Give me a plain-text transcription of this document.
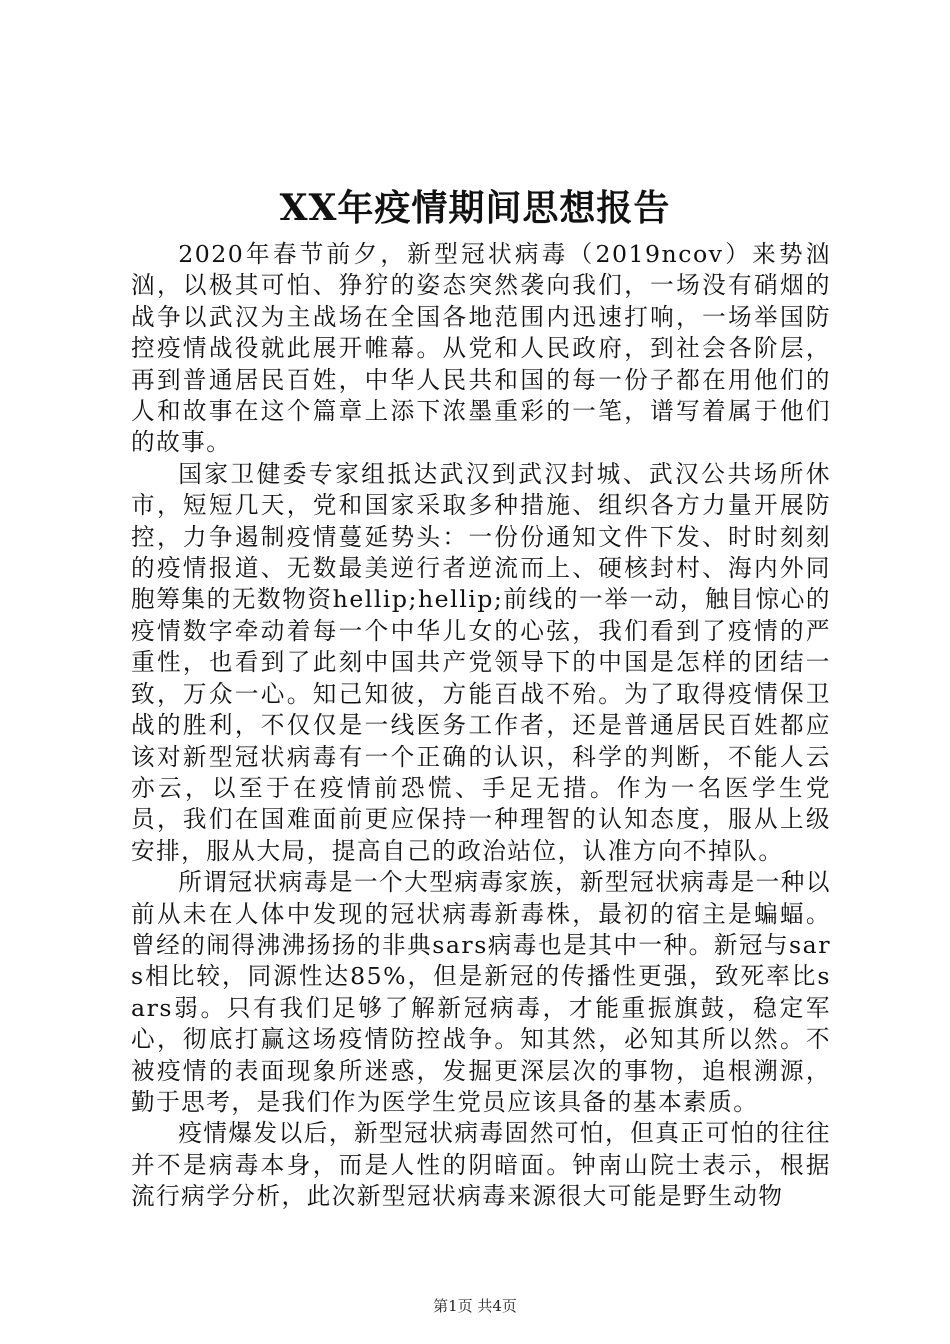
XX年疫情期间思想报告

2020年春节前夕，新型冠状病毒（2019ncov）来势汹汹，以极其可怕、狰狞的姿态突然袭向我们，一场没有硝烟的战争以武汉为主战场在全国各地范围内迅速打响，一场举国防控疫情战役就此展开帷幕。从党和人民政府，到社会各阶层，再到普通居民百姓，中华人民共和国的每一份子都在用他们的人和故事在这个篇章上添下浓墨重彩的一笔，谱写着属于他们的故事。

国家卫健委专家组抵达武汉到武汉封城、武汉公共场所休市，短短几天，党和国家采取多种措施、组织各方力量开展防控，力争遏制疫情蔓延势头：一份份通知文件下发、时时刻刻的疫情报道、无数最美逆行者逆流而上、硬核封村、海内外同胞筹集的无数物资hellip;hellip;前线的一举一动，触目惊心的疫情数字牵动着每一个中华儿女的心弦，我们看到了疫情的严重性，也看到了此刻中国共产党领导下的中国是怎样的团结一致，万众一心。知己知彼，方能百战不殆。为了取得疫情保卫战的胜利，不仅仅是一线医务工作者，还是普通居民百姓都应该对新型冠状病毒有一个正确的认识，科学的判断，不能人云亦云，以至于在疫情前恐慌、手足无措。作为一名医学生党员，我们在国难面前更应保持一种理智的认知态度，服从上级安排，服从大局，提高自己的政治站位，认准方向不掉队。

所谓冠状病毒是一个大型病毒家族，新型冠状病毒是一种以前从未在人体中发现的冠状病毒新毒株，最初的宿主是蝙蝠。曾经的闹得沸沸扬扬的非典sars病毒也是其中一种。新冠与sars相比较，同源性达85%，但是新冠的传播性更强，致死率比sars弱。只有我们足够了解新冠病毒，才能重振旗鼓，稳定军心，彻底打赢这场疫情防控战争。知其然，必知其所以然。不被疫情的表面现象所迷惑，发掘更深层次的事物，追根溯源，勤于思考，是我们作为医学生党员应该具备的基本素质。

疫情爆发以后，新型冠状病毒固然可怕，但真正可怕的往往并不是病毒本身，而是人性的阴暗面。钟南山院士表示，根据流行病学分析，此次新型冠状病毒来源很大可能是野生动物

第1页 共4页
